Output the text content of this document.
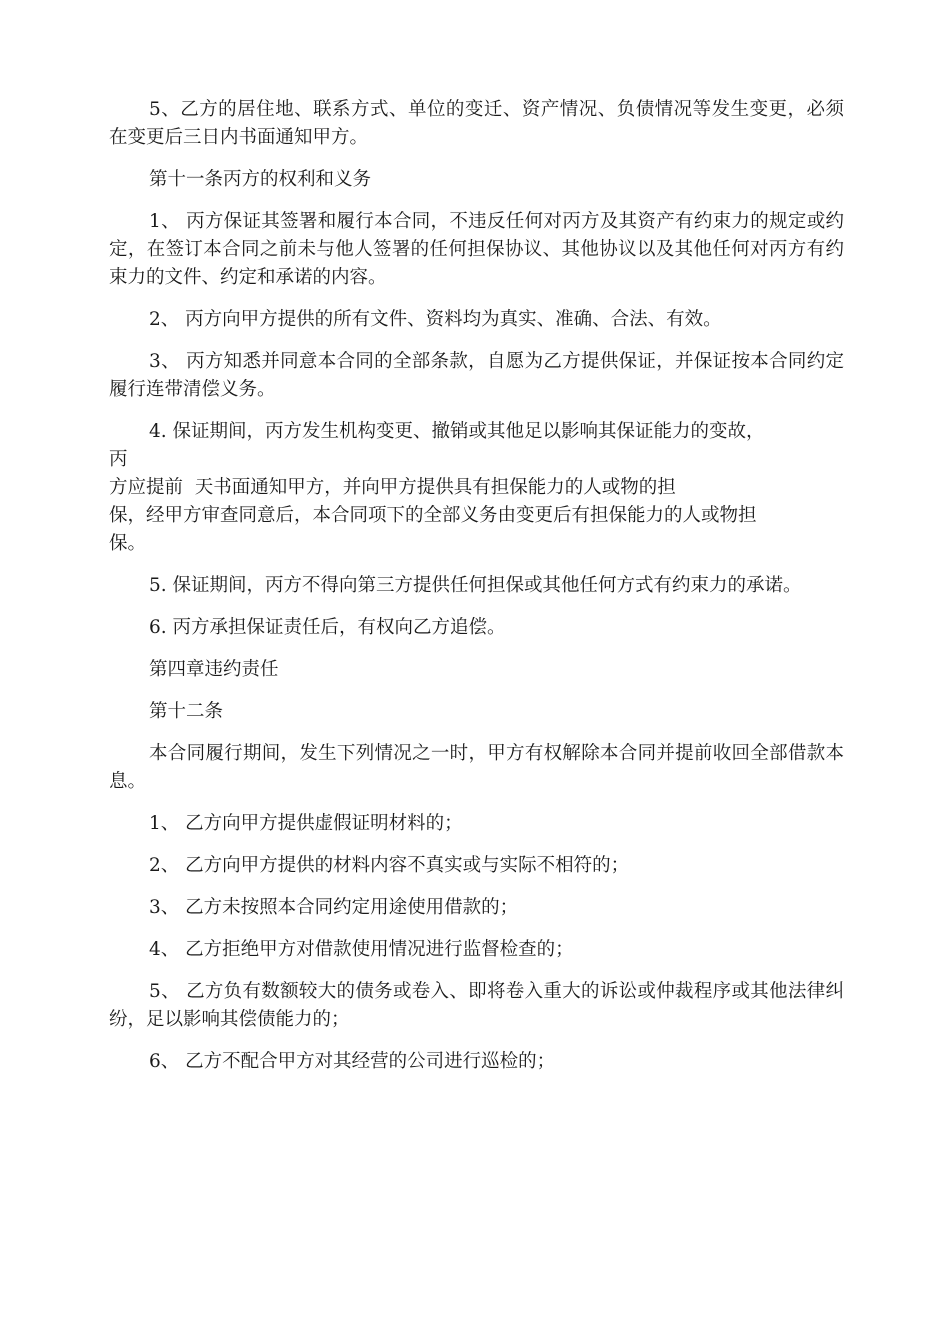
5、乙方的居住地、联系方式、单位的变迁、资产情况、负债情况等发生变更，必须在变更后三日内书面通知甲方。

第十一条丙方的权利和义务

1、 丙方保证其签署和履行本合同，不违反任何对丙方及其资产有约束力的规定或约定，在签订本合同之前未与他人签署的任何担保协议、其他协议以及其他任何对丙方有约束力的文件、约定和承诺的内容。

2、 丙方向甲方提供的所有文件、资料均为真实、准确、合法、有效。

3、 丙方知悉并同意本合同的全部条款，自愿为乙方提供保证，并保证按本合同约定履行连带清偿义务。

4. 保证期间，丙方发生机构变更、撤销或其他足以影响其保证能力的变故，
丙
方应提前  天书面通知甲方，并向甲方提供具有担保能力的人或物的担
保，经甲方审查同意后，本合同项下的全部义务由变更后有担保能力的人或物担
保。

5. 保证期间，丙方不得向第三方提供任何担保或其他任何方式有约束力的承诺。

6. 丙方承担保证责任后，有权向乙方追偿。

第四章违约责任

第十二条

本合同履行期间，发生下列情况之一时，甲方有权解除本合同并提前收回全部借款本息。

1、 乙方向甲方提供虚假证明材料的；

2、 乙方向甲方提供的材料内容不真实或与实际不相符的；

3、 乙方未按照本合同约定用途使用借款的；

4、 乙方拒绝甲方对借款使用情况进行监督检查的；

5、 乙方负有数额较大的债务或卷入、即将卷入重大的诉讼或仲裁程序或其他法律纠纷，足以影响其偿债能力的；

6、 乙方不配合甲方对其经营的公司进行巡检的；
